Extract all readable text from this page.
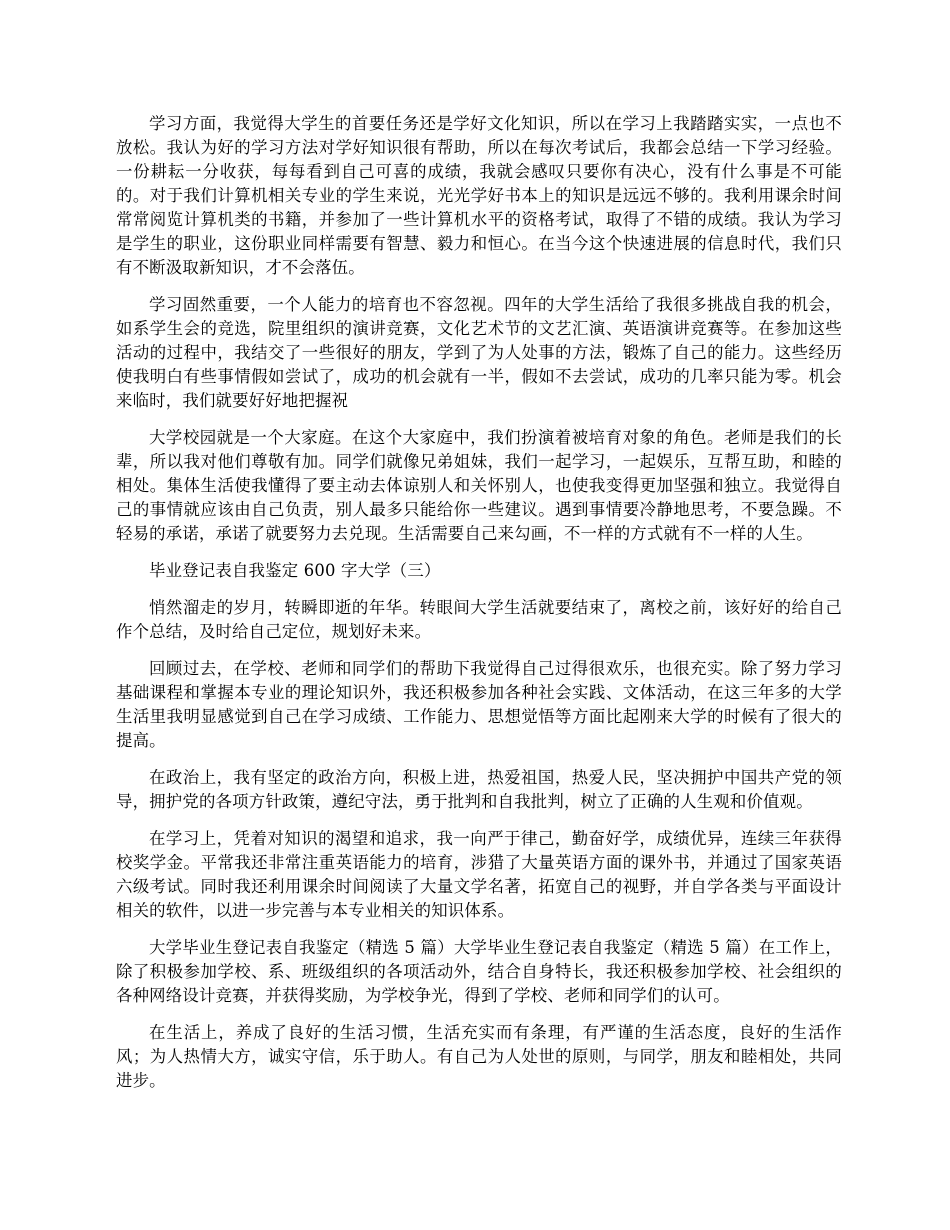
学习方面，我觉得大学生的首要任务还是学好文化知识，所以在学习上我踏踏实实，一点也不放松。我认为好的学习方法对学好知识很有帮助，所以在每次考试后，我都会总结一下学习经验。一份耕耘一分收获，每每看到自己可喜的成绩，我就会感叹只要你有决心，没有什么事是不可能的。对于我们计算机相关专业的学生来说，光光学好书本上的知识是远远不够的。我利用课余时间常常阅览计算机类的书籍，并参加了一些计算机水平的资格考试，取得了不错的成绩。我认为学习是学生的职业，这份职业同样需要有智慧、毅力和恒心。在当今这个快速进展的信息时代，我们只有不断汲取新知识，才不会落伍。

学习固然重要，一个人能力的培育也不容忽视。四年的大学生活给了我很多挑战自我的机会，如系学生会的竞选，院里组织的演讲竞赛，文化艺术节的文艺汇演、英语演讲竞赛等。在参加这些活动的过程中，我结交了一些很好的朋友，学到了为人处事的方法，锻炼了自己的能力。这些经历使我明白有些事情假如尝试了，成功的机会就有一半，假如不去尝试，成功的几率只能为零。机会来临时，我们就要好好地把握祝

大学校园就是一个大家庭。在这个大家庭中，我们扮演着被培育对象的角色。老师是我们的长辈，所以我对他们尊敬有加。同学们就像兄弟姐妹，我们一起学习，一起娱乐，互帮互助，和睦的相处。集体生活使我懂得了要主动去体谅别人和关怀别人，也使我变得更加坚强和独立。我觉得自己的事情就应该由自己负责，别人最多只能给你一些建议。遇到事情要冷静地思考，不要急躁。不轻易的承诺，承诺了就要努力去兑现。生活需要自己来勾画，不一样的方式就有不一样的人生。

毕业登记表自我鉴定 600 字大学（三）

悄然溜走的岁月，转瞬即逝的年华。转眼间大学生活就要结束了，离校之前，该好好的给自己作个总结，及时给自己定位，规划好未来。

回顾过去，在学校、老师和同学们的帮助下我觉得自己过得很欢乐，也很充实。除了努力学习基础课程和掌握本专业的理论知识外，我还积极参加各种社会实践、文体活动，在这三年多的大学生活里我明显感觉到自己在学习成绩、工作能力、思想觉悟等方面比起刚来大学的时候有了很大的提高。

在政治上，我有坚定的政治方向，积极上进，热爱祖国，热爱人民，坚决拥护中国共产党的领导，拥护党的各项方针政策，遵纪守法，勇于批判和自我批判，树立了正确的人生观和价值观。

在学习上，凭着对知识的渴望和追求，我一向严于律己，勤奋好学，成绩优异，连续三年获得校奖学金。平常我还非常注重英语能力的培育，涉猎了大量英语方面的课外书，并通过了国家英语六级考试。同时我还利用课余时间阅读了大量文学名著，拓宽自己的视野，并自学各类与平面设计相关的软件，以进一步完善与本专业相关的知识体系。

大学毕业生登记表自我鉴定（精选 5 篇）大学毕业生登记表自我鉴定（精选 5 篇）在工作上，除了积极参加学校、系、班级组织的各项活动外，结合自身特长，我还积极参加学校、社会组织的各种网络设计竞赛，并获得奖励，为学校争光，得到了学校、老师和同学们的认可。

在生活上，养成了良好的生活习惯，生活充实而有条理，有严谨的生活态度，良好的生活作风；为人热情大方，诚实守信，乐于助人。有自己为人处世的原则，与同学，朋友和睦相处，共同进步。
